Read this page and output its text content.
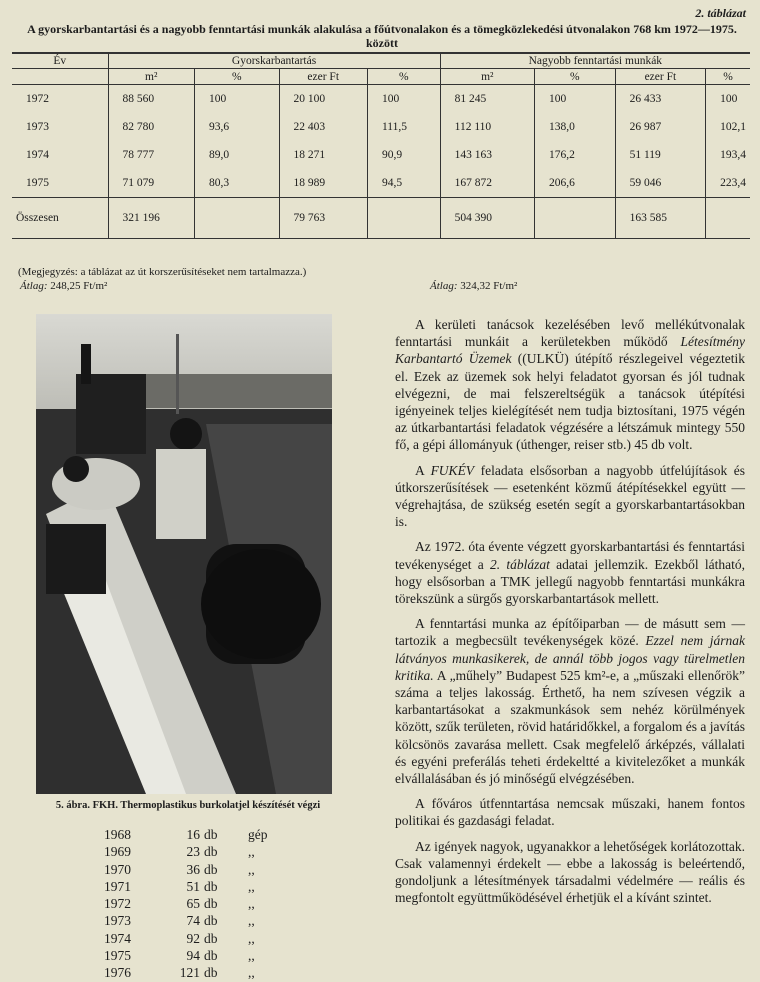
2. táblázat
A gyorskarbantartási és a nagyobb fenntartási munkák alakulása a főútvonalakon és a tömegközlekedési útvonalakon 768 km 1972—1975. között
Év	Gyorskarbantartás				Nagyobb fenntartási munkák			
	m²	%	ezer Ft	%	m²	%	ezer Ft	%
1972	88 560	100	20 100	100	81 245	100	26 433	100
1973	82 780	93,6	22 403	111,5	112 110	138,0	26 987	102,1
1974	78 777	89,0	18 271	90,9	143 163	176,2	51 119	193,4
1975	71 079	80,3	18 989	94,5	167 872	206,6	59 046	223,4
Összesen	321 196		79 763		504 390		163 585	
(Megjegyzés: a táblázat az út korszerűsítéseket nem tartalmazza.)
Átlag: 248,25 Ft/m²	Átlag: 324,32 Ft/m²
5. ábra. FKH. Thermoplastikus burkolatjel készítését végzi
1968	16 db gép
1969	23 db ,,
1970	36 db ,,
1971	51 db ,,
1972	65 db ,,
1973	74 db ,,
1974	92 db ,,
1975	94 db ,,
1976	121 db ,,

A kerületi tanácsok kezelésében levő mellékútvonalak fenntartási munkáit a kerületekben működő Létesítmény Karbantartó Üzemek ((ULKÜ) útépítő részlegeivel végeztetik el. Ezek az üzemek sok helyi feladatot gyorsan és jól tudnak elvégezni, de mai felszereltségük a tanácsok útépítési igényeinek teljes kielégítését nem tudja biztosítani, 1975 végén az útkarbantartási feladatok végzésére a létszámuk mintegy 550 fő, a gépi állományuk (úthenger, reiser stb.) 45 db volt.

A FUKÉV feladata elsősorban a nagyobb útfelújítások és útkorszerűsítések — esetenként közmű átépítésekkel együtt — végrehajtása, de szükség esetén segít a gyorskarbantartásokban is.

Az 1972. óta évente végzett gyorskarbantartási és fenntartási tevékenységet a 2. táblázat adatai jellemzik. Ezekből látható, hogy elsősorban a TMK jellegű nagyobb fenntartási munkákra törekszünk a sürgős gyorskarbantartások mellett.

A fenntartási munka az építőiparban — de másutt sem — tartozik a megbecsült tevékenységek közé. Ezzel nem járnak látványos munkasikerek, de annál több jogos vagy türelmetlen kritika. A „műhely” Budapest 525 km²-e, a „műszaki ellenőrök” száma a teljes lakosság. Érthető, ha nem szívesen végzik a karbantartásokat a szakmunkások sem nehéz körülmények között, szűk területen, rövid határidőkkel, a forgalom és a javítás kölcsönös zavarása mellett. Csak megfelelő árképzés, vállalati és egyéni preferálás teheti érdekeltté a kivitelezőket a munkák elvállalásában és jó minőségű elvégzésében.

A főváros útfenntartása nemcsak műszaki, hanem fontos politikai és gazdasági feladat.

Az igények nagyok, ugyanakkor a lehetőségek korlátozottak. Csak valamennyi érdekelt — ebbe a lakosság is beleértendő, gondoljunk a létesítmények társadalmi védelmére — reális és megfontolt együttműködésével érhetjük el a kívánt szintet.
